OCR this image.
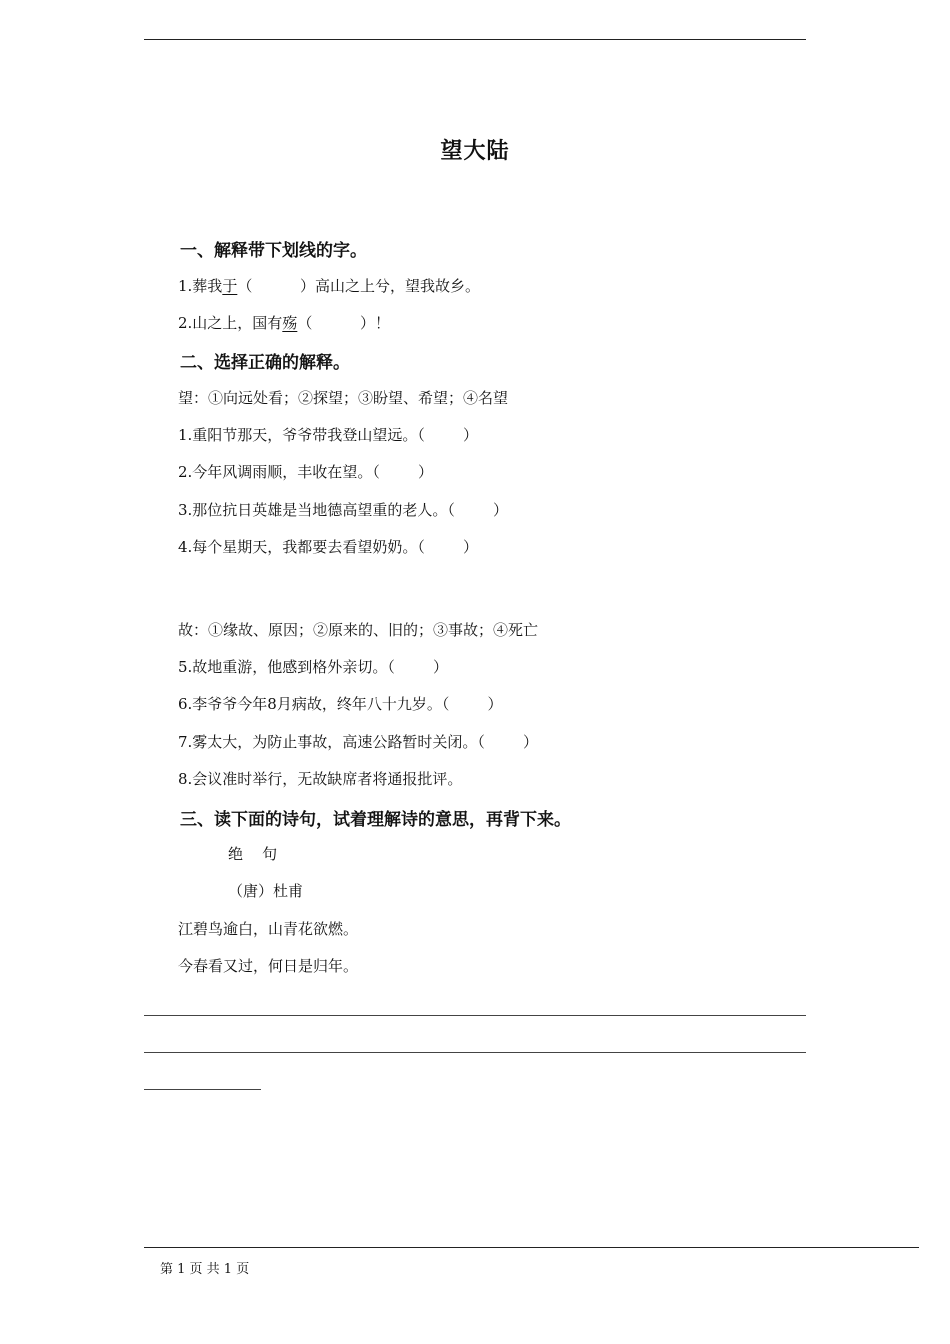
望大陆
一、解释带下划线的字。
1.葬我于（          ）高山之上兮，望我故乡。
2.山之上，国有殇（          ）！
二、选择正确的解释。
望：①向远处看；②探望；③盼望、希望；④名望
1.重阳节那天，爷爷带我登山望远。（        ）
2.今年风调雨顺，丰收在望。（        ）
3.那位抗日英雄是当地德高望重的老人。（        ）
4.每个星期天，我都要去看望奶奶。（        ）
故：①缘故、原因；②原来的、旧的；③事故；④死亡
5.故地重游，他感到格外亲切。（        ）
6.李爷爷今年8月病故，终年八十九岁。（        ）
7.雾太大，为防止事故，高速公路暂时关闭。（        ）
8.会议准时举行，无故缺席者将通报批评。
三、读下面的诗句，试着理解诗的意思，再背下来。
绝    句
（唐）杜甫
江碧鸟逾白，山青花欲燃。
今春看又过，何日是归年。
第 1 页 共 1 页
